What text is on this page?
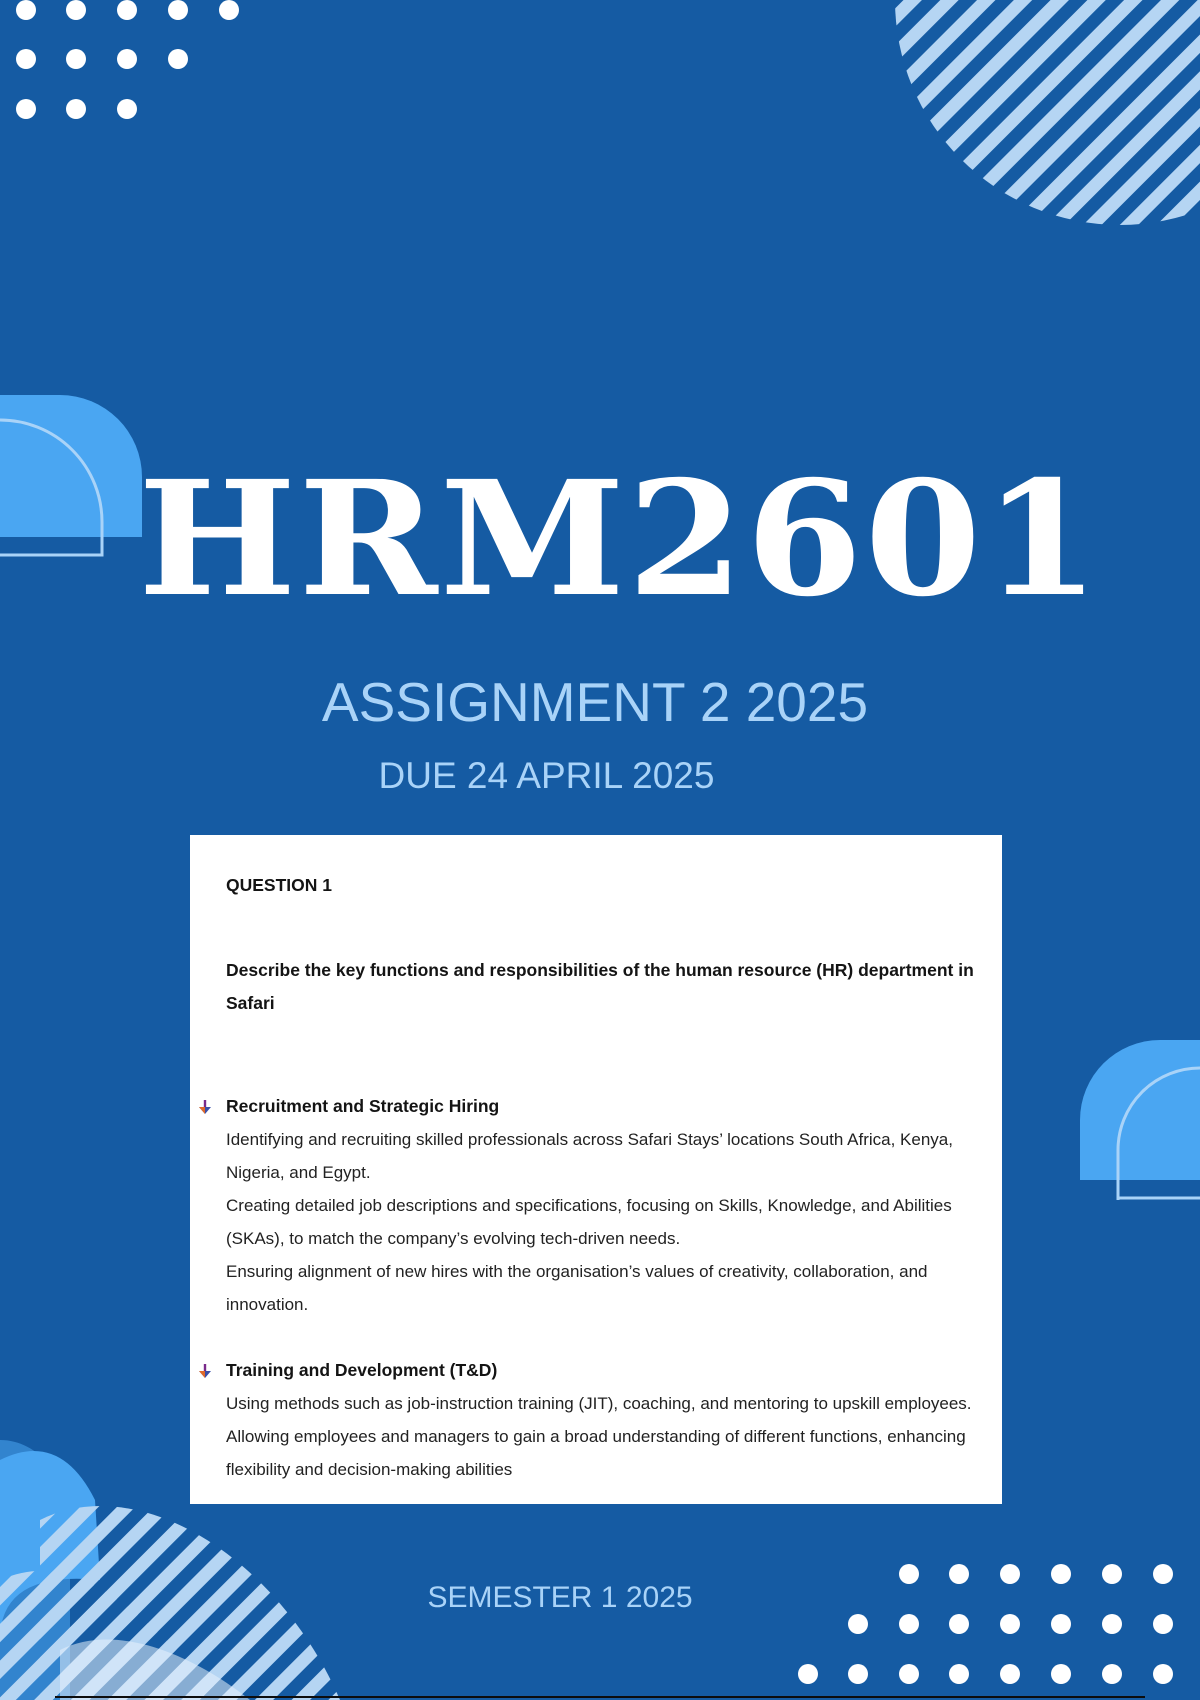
HRM2601
ASSIGNMENT 2 2025
DUE 24 APRIL 2025

QUESTION 1

Describe the key functions and responsibilities of the human resource (HR) department in Safari

Recruitment and Strategic Hiring

Identifying and recruiting skilled professionals across Safari Stays’ locations South Africa, Kenya, Nigeria, and Egypt.
Creating detailed job descriptions and specifications, focusing on Skills, Knowledge, and Abilities (SKAs), to match the company’s evolving tech-driven needs.
Ensuring alignment of new hires with the organisation’s values of creativity, collaboration, and innovation.

Training and Development (T&D)

Using methods such as job-instruction training (JIT), coaching, and mentoring to upskill employees.
Allowing employees and managers to gain a broad understanding of different functions, enhancing flexibility and decision-making abilities

SEMESTER 1 2025
